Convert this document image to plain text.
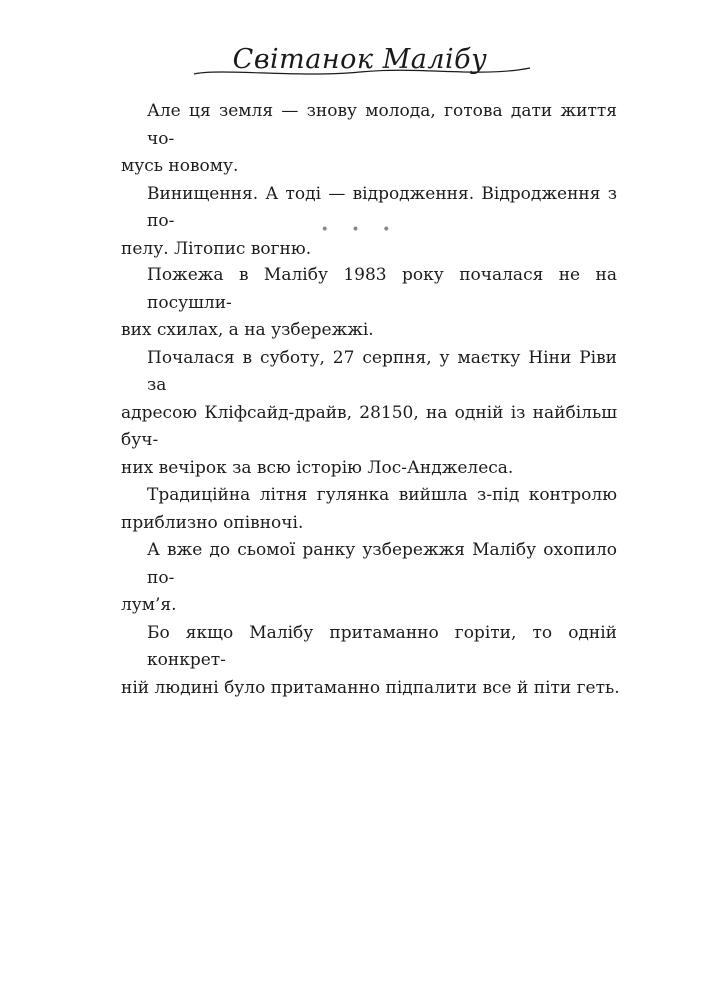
Світанок Малібу

Але ця земля — знову молода, готова дати життя чо-
мусь новому.

Винищення. А тоді — відродження. Відродження з по-
пелу. Літопис вогню.

• • •

Пожежа в Малібу 1983 року почалася не на посушли-
вих схилах, а на узбережжі.

Почалася в суботу, 27 серпня, у маєтку Ніни Ріви за
адресою Кліфсайд-драйв, 28150, на одній із найбільш буч-
них вечірок за всю історію Лос-Анджелеса.

Традиційна літня гулянка вийшла з-під контролю
приблизно опівночі.

А вже до сьомої ранку узбережжя Малібу охопило по-
лум’я.

Бо якщо Малібу притаманно горіти, то одній конкрет-
ній людині було притаманно підпалити все й піти геть.
